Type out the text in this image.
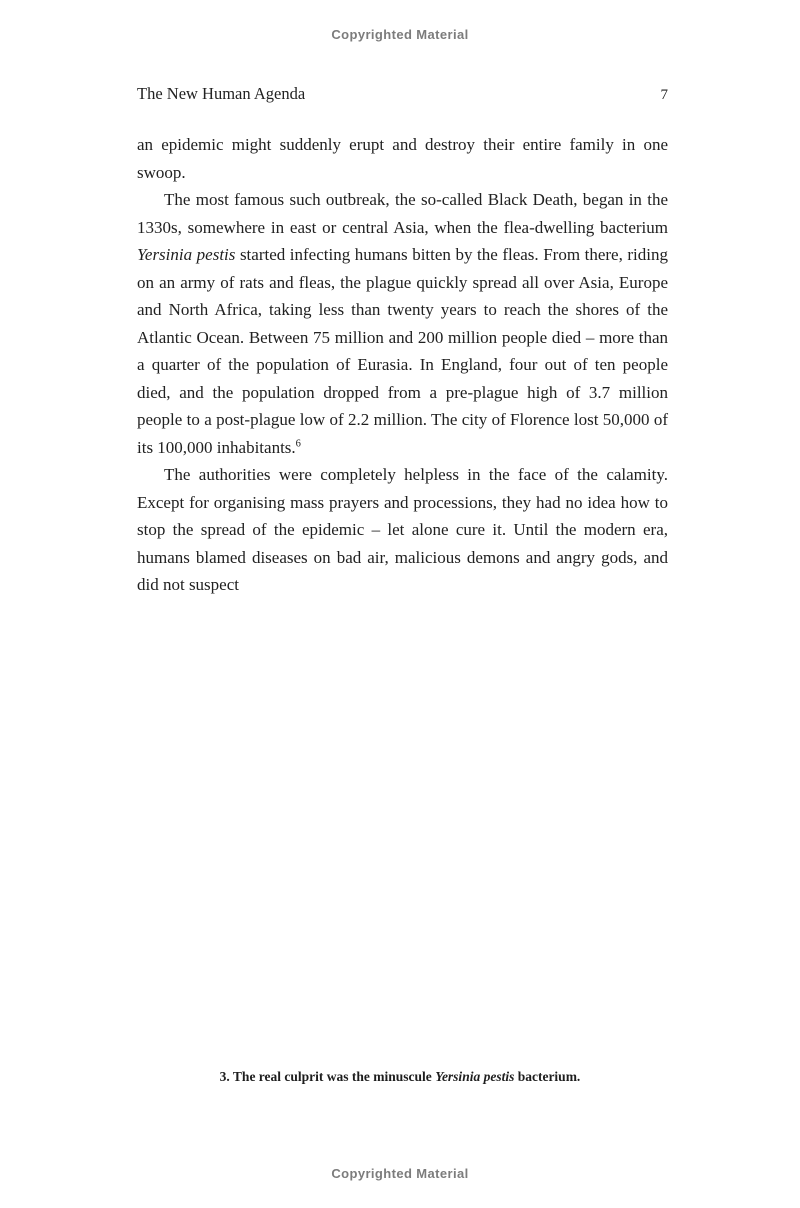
Copyrighted Material
The New Human Agenda	7

an epidemic might suddenly erupt and destroy their entire family in one swoop.

The most famous such outbreak, the so-called Black Death, began in the 1330s, somewhere in east or central Asia, when the flea-dwelling bacterium Yersinia pestis started infecting humans bitten by the fleas. From there, riding on an army of rats and fleas, the plague quickly spread all over Asia, Europe and North Africa, taking less than twenty years to reach the shores of the Atlantic Ocean. Between 75 million and 200 million people died – more than a quarter of the population of Eurasia. In England, four out of ten people died, and the population dropped from a pre-plague high of 3.7 million people to a post-plague low of 2.2 million. The city of Florence lost 50,000 of its 100,000 inhabitants.$^6$

The authorities were completely helpless in the face of the calamity. Except for organising mass prayers and processions, they had no idea how to stop the spread of the epidemic – let alone cure it. Until the modern era, humans blamed diseases on bad air, malicious demons and angry gods, and did not suspect

3. The real culprit was the minuscule Yersinia pestis bacterium.
Copyrighted Material
